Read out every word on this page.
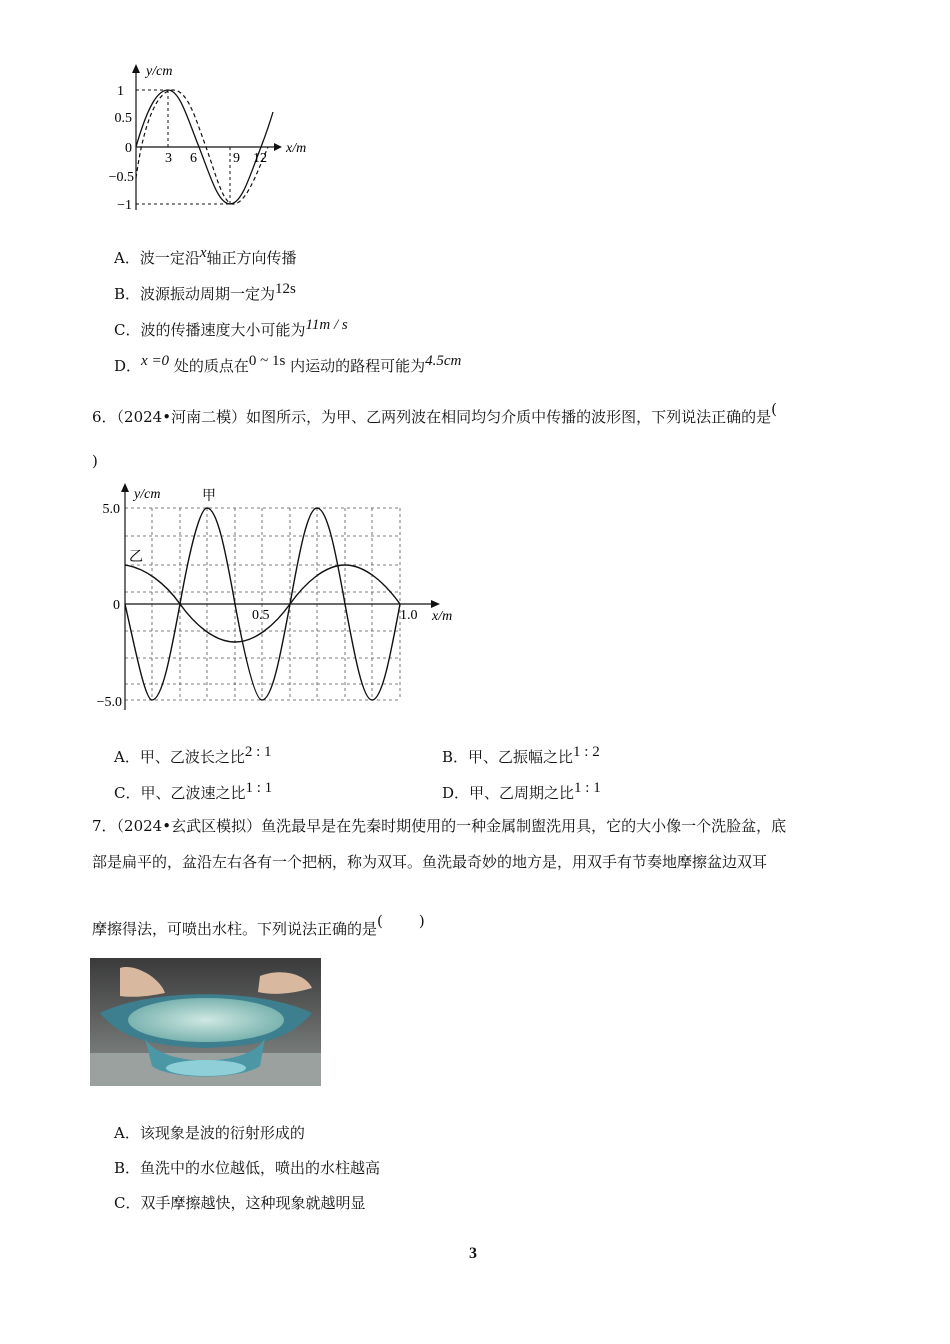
y/cm
x/m
1
0.5
0
−0.5
−1
3 6	9 12
A．波一定沿x轴正方向传播
B．波源振动周期一定为12s
C．波的传播速度大小可能为11m / s
D．x =0 处的质点在0 ~ 1s 内运动的路程可能为4.5cm
6．（2024•河南二模）如图所示，为甲、乙两列波在相同均匀介质中传播的波形图，下列说法正确的是(
)
y/cm
x/m
5.0
0
−5.0
0.5	1.0
甲
乙
A．甲、乙波长之比2 : 1	B．甲、乙振幅之比1 : 2
C．甲、乙波速之比1 : 1	D．甲、乙周期之比1 : 1
7．（2024•玄武区模拟）鱼洗最早是在先秦时期使用的一种金属制盥洗用具，它的大小像一个洗脸盆，底
部是扁平的，盆沿左右各有一个把柄，称为双耳。鱼洗最奇妙的地方是，用双手有节奏地摩擦盆边双耳
摩擦得法，可喷出水柱。下列说法正确的是( )
A．该现象是波的衍射形成的
B．鱼洗中的水位越低，喷出的水柱越高
C．双手摩擦越快，这种现象就越明显
3
